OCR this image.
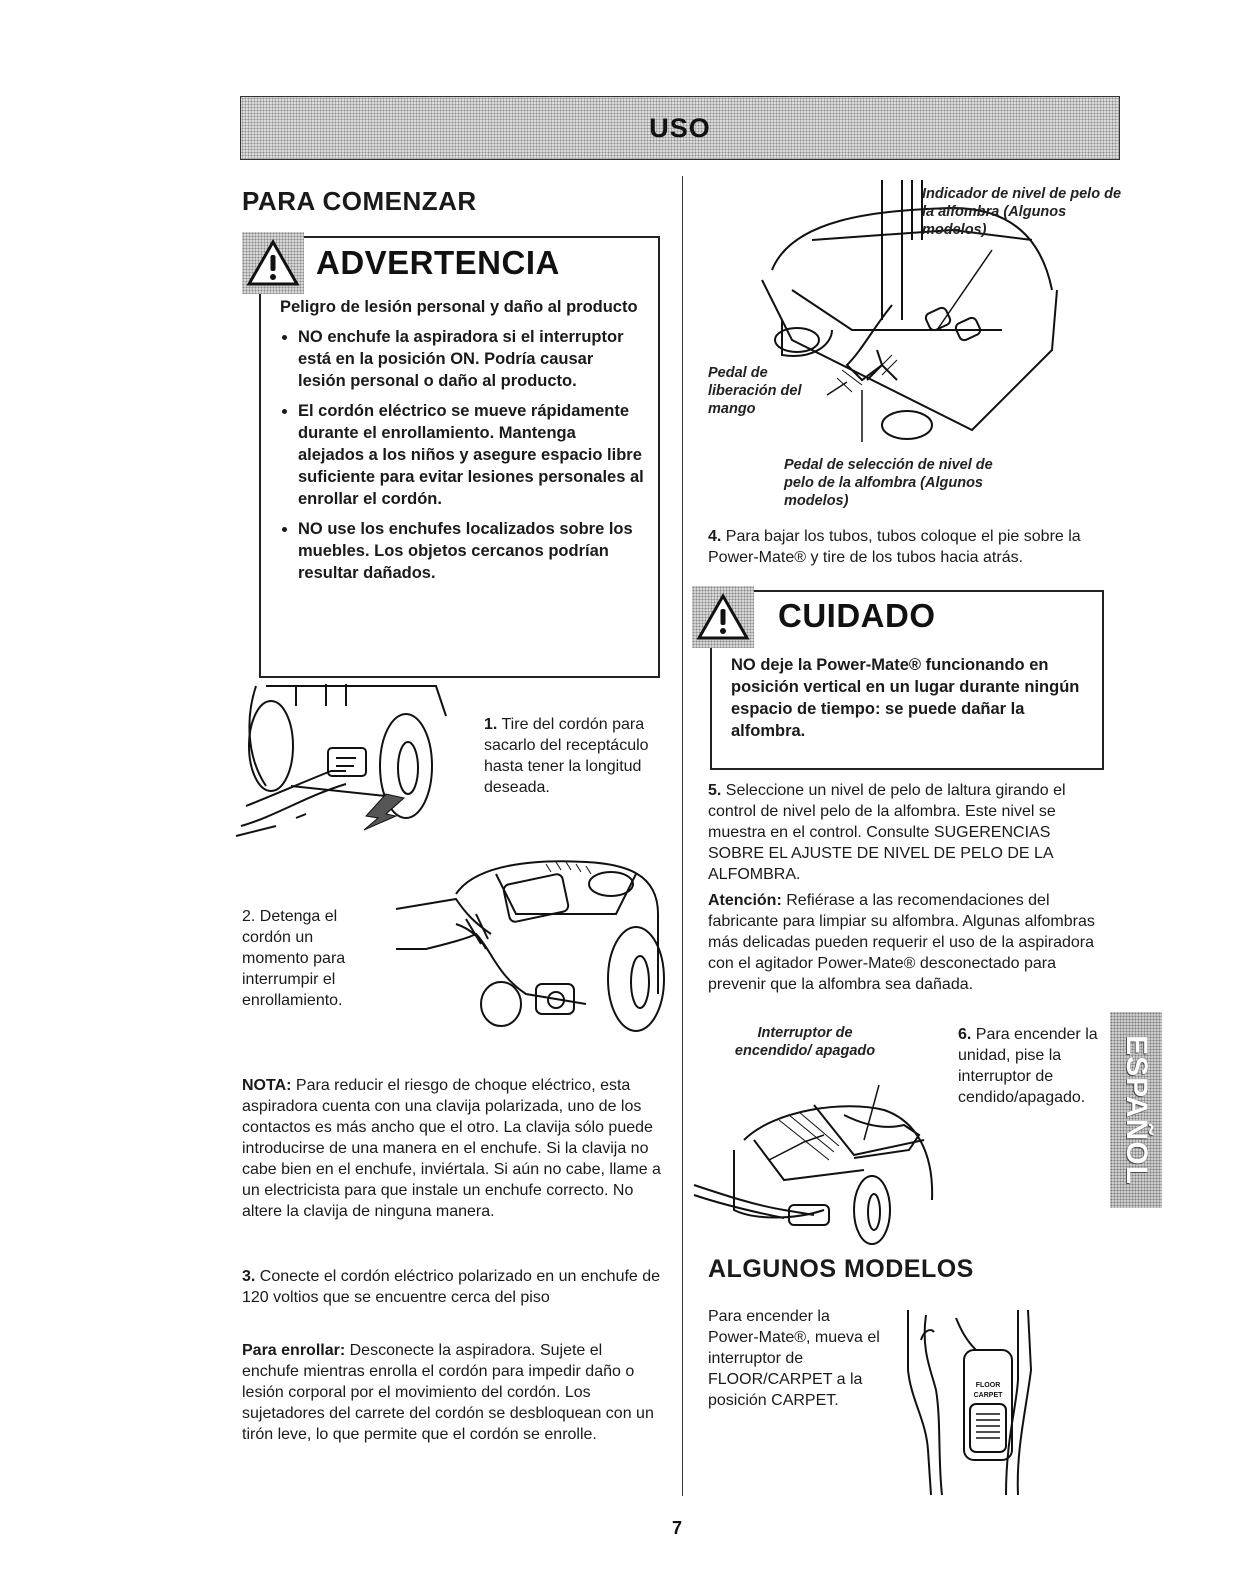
USO
PARA COMENZAR
ADVERTENCIA
Peligro de lesión personal y daño al producto
• NO enchufe la aspiradora si el interruptor está en la posición ON. Podría causar lesión personal o daño al producto.
• El cordón eléctrico se mueve rápidamente durante el enrollamiento. Mantenga alejados a los niños y asegure espacio libre suficiente para evitar lesiones personales al enrollar el cordón.
• NO use los enchufes localizados sobre los muebles. Los objetos cercanos podrían resultar dañados.
1. Tire del cordón para sacarlo del receptáculo hasta tener la longitud deseada.
2. Detenga el cordón un momento para interrumpir el enrollamiento.
NOTA: Para reducir el riesgo de choque eléctrico, esta aspiradora cuenta con una clavija polarizada, uno de los contactos es más ancho que el otro. La clavija sólo puede introducirse de una manera en el enchufe. Si la clavija no cabe bien en el enchufe, inviértala. Si aún no cabe, llame a un electricista para que instale un enchufe correcto. No altere la clavija de ninguna manera.
3. Conecte el cordón eléctrico polarizado en un enchufe de 120 voltios que se encuentre cerca del piso
Para enrollar: Desconecte la aspiradora. Sujete el enchufe mientras enrolla el cordón para impedir daño o lesión corporal por el movimiento del cordón. Los sujetadores del carrete del cordón se desbloquean con un tirón leve, lo que permite que el cordón se enrolle.
Indicador de nivel de pelo de la alfombra (Algunos modelos)
Pedal de liberación del mango
Pedal de selección de nivel de pelo de la alfombra (Algunos modelos)
4. Para bajar los tubos, tubos coloque el pie sobre la Power-Mate® y tire de los tubos hacia atrás.
CUIDADO
NO deje la Power-Mate® funcionando en posición vertical en un lugar durante ningún espacio de tiempo: se puede dañar la alfombra.
5. Seleccione un nivel de pelo de laltura girando el control de nivel pelo de la alfombra. Este nivel se muestra en el control. Consulte SUGERENCIAS SOBRE EL AJUSTE DE NIVEL DE PELO DE LA ALFOMBRA.
Atención: Refiérase a las recomendaciones del fabricante para limpiar su alfombra. Algunas alfombras más delicadas pueden requerir el uso de la aspiradora con el agitador Power-Mate® desconectado para prevenir que la alfombra sea dañada.
Interruptor de encendido/ apagado
6. Para encender la unidad, pise la interruptor de cendido/apagado.	ESPAÑOL
ALGUNOS MODELOS
Para encender la Power-Mate®, mueva el interruptor de FLOOR/CARPET a la posición CARPET.
FLOOR
CARPET
7
